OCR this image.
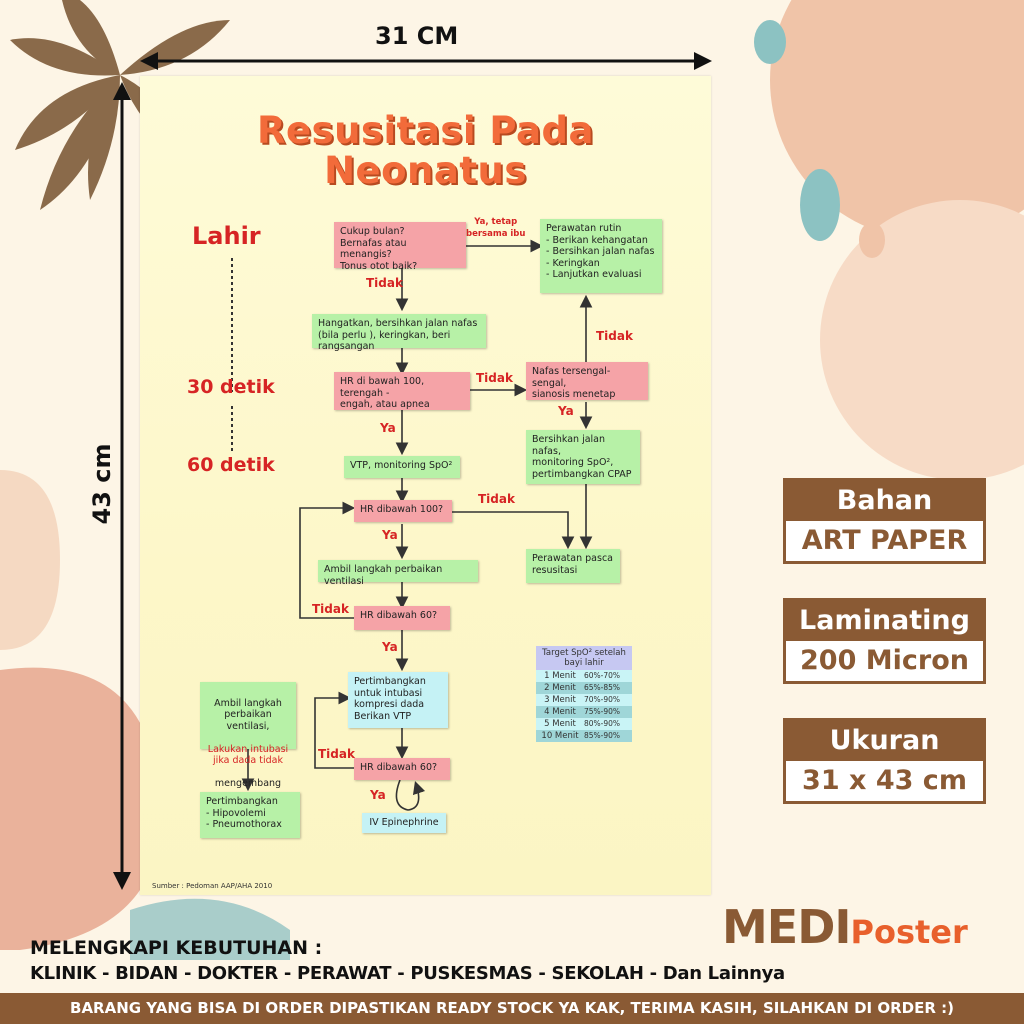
31 CM
43 cm
Resusitasi Pada
Neonatus
Lahir
30 detik
60 detik
Cukup bulan?
Bernafas atau menangis?
Tonus otot baik?
Perawatan rutin
- Berikan kehangatan
- Bersihkan jalan nafas
- Keringkan
- Lanjutkan evaluasi
Hangatkan, bersihkan jalan nafas (bila perlu ), keringkan, beri rangsangan
HR di bawah 100, terengah -
engah, atau apnea
Nafas tersengal-sengal,
sianosis menetap
VTP, monitoring SpO²
Bersihkan jalan nafas,
monitoring SpO²,
pertimbangkan CPAP
HR dibawah 100?
Perawatan pasca
resusitasi
Ambil langkah perbaikan ventilasi
HR dibawah 60?
Pertimbangkan
untuk intubasi
kompresi dada
Berikan VTP
HR dibawah 60?
IV Epinephrine

Ambil langkah
perbaikan ventilasi,

Lakukan intubasi
jika dada tidak

mengembang

Pertimbangkan
- Hipovolemi
- Pneumothorax
Ya, tetap
bersama ibu
Tidak
Tidak
Tidak
Ya
Ya
Tidak
Ya
Tidak
Ya
Tidak
Ya
Sumber : Pedoman AAP/AHA 2010
Target SpO² setelah
bayi lahir
1 Menit	60%-70%
2 Menit	65%-85%
3 Menit	70%-90%
4 Menit	75%-90%
5 Menit	80%-90%
10 Menit 85%-90%
Bahan
ART PAPER
Laminating
200 Micron
Ukuran
31 x 43 cm
MEDIPoster
MELENGKAPI KEBUTUHAN :
KLINIK - BIDAN - DOKTER - PERAWAT - PUSKESMAS - SEKOLAH - Dan Lainnya
BARANG YANG BISA DI ORDER DIPASTIKAN READY STOCK YA KAK, TERIMA KASIH, SILAHKAN DI ORDER :)
